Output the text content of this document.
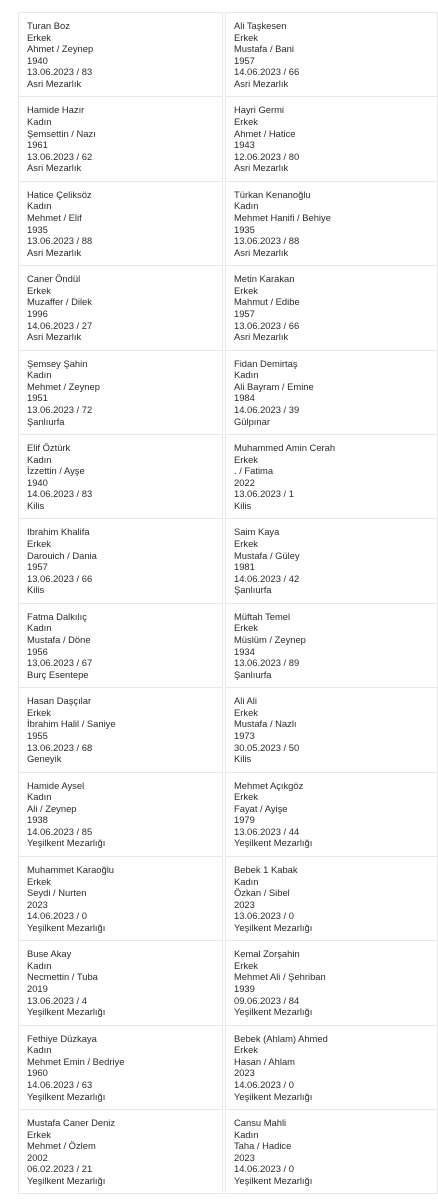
Turan Boz
Erkek
Ahmet / Zeynep
1940
13.06.2023 / 83
Asri Mezarlık
Ali Taşkesen
Erkek
Mustafa / Bani
1957
14.06.2023 / 66
Asri Mezarlık
Hamide Hazır
Kadın
Şemsettin / Nazı
1961
13.06.2023 / 62
Asri Mezarlık
Hayri Germi
Erkek
Ahmet / Hatice
1943
12.06.2023 / 80
Asri Mezarlık
Hatice Çeliksöz
Kadın
Mehmet / Elif
1935
13.06.2023 / 88
Asri Mezarlık
Türkan Kenanoğlu
Kadın
Mehmet Hanifi / Behiye
1935
13.06.2023 / 88
Asri Mezarlık
Caner Öndül
Erkek
Muzaffer / Dilek
1996
14.06.2023 / 27
Asri Mezarlık
Metin Karakan
Erkek
Mahmut / Edibe
1957
13.06.2023 / 66
Asri Mezarlık
Şemsey Şahin
Kadın
Mehmet / Zeynep
1951
13.06.2023 / 72
Şanlıurfa
Fidan Demirtaş
Kadın
Ali Bayram / Emine
1984
14.06.2023 / 39
Gülpınar
Elif Öztürk
Kadın
İzzettin / Ayşe
1940
14.06.2023 / 83
Kilis
Muhammed Amin Cerah
Erkek
. / Fatima
2022
13.06.2023 / 1
Kilis
Ibrahim Khalifa
Erkek
Darouich / Dania
1957
13.06.2023 / 66
Kilis
Saim Kaya
Erkek
Mustafa / Güley
1981
14.06.2023 / 42
Şanlıurfa
Fatma Dalkılıç
Kadın
Mustafa / Döne
1956
13.06.2023 / 67
Burç Esentepe
Müftah Temel
Erkek
Müslüm / Zeynep
1934
13.06.2023 / 89
Şanlıurfa
Hasan Daşçılar
Erkek
İbrahim Halil / Saniye
1955
13.06.2023 / 68
Geneyik
Ali Ali
Erkek
Mustafa / Nazlı
1973
30.05.2023 / 50
Kilis
Hamide Aysel
Kadın
Ali / Zeynep
1938
14.06.2023 / 85
Yeşilkent Mezarlığı
Mehmet Açıkgöz
Erkek
Fayat / Ayişe
1979
13.06.2023 / 44
Yeşilkent Mezarlığı
Muhammet Karaoğlu
Erkek
Seydi / Nurten
2023
14.06.2023 / 0
Yeşilkent Mezarlığı
Bebek 1 Kabak
Kadın
Özkan / Sibel
2023
13.06.2023 / 0
Yeşilkent Mezarlığı
Buse Akay
Kadın
Necmettin / Tuba
2019
13.06.2023 / 4
Yeşilkent Mezarlığı
Kemal Zorşahin
Erkek
Mehmet Ali / Şehriban
1939
09.06.2023 / 84
Yeşilkent Mezarlığı
Fethiye Düzkaya
Kadın
Mehmet Emin / Bedriye
1960
14.06.2023 / 63
Yeşilkent Mezarlığı
Bebek (Ahlam) Ahmed
Erkek
Hasan / Ahlam
2023
14.06.2023 / 0
Yeşilkent Mezarlığı
Mustafa Caner Deniz
Erkek
Mehmet / Özlem
2002
06.02.2023 / 21
Yeşilkent Mezarlığı
Cansu Mahli
Kadın
Taha / Hadice
2023
14.06.2023 / 0
Yeşilkent Mezarlığı
